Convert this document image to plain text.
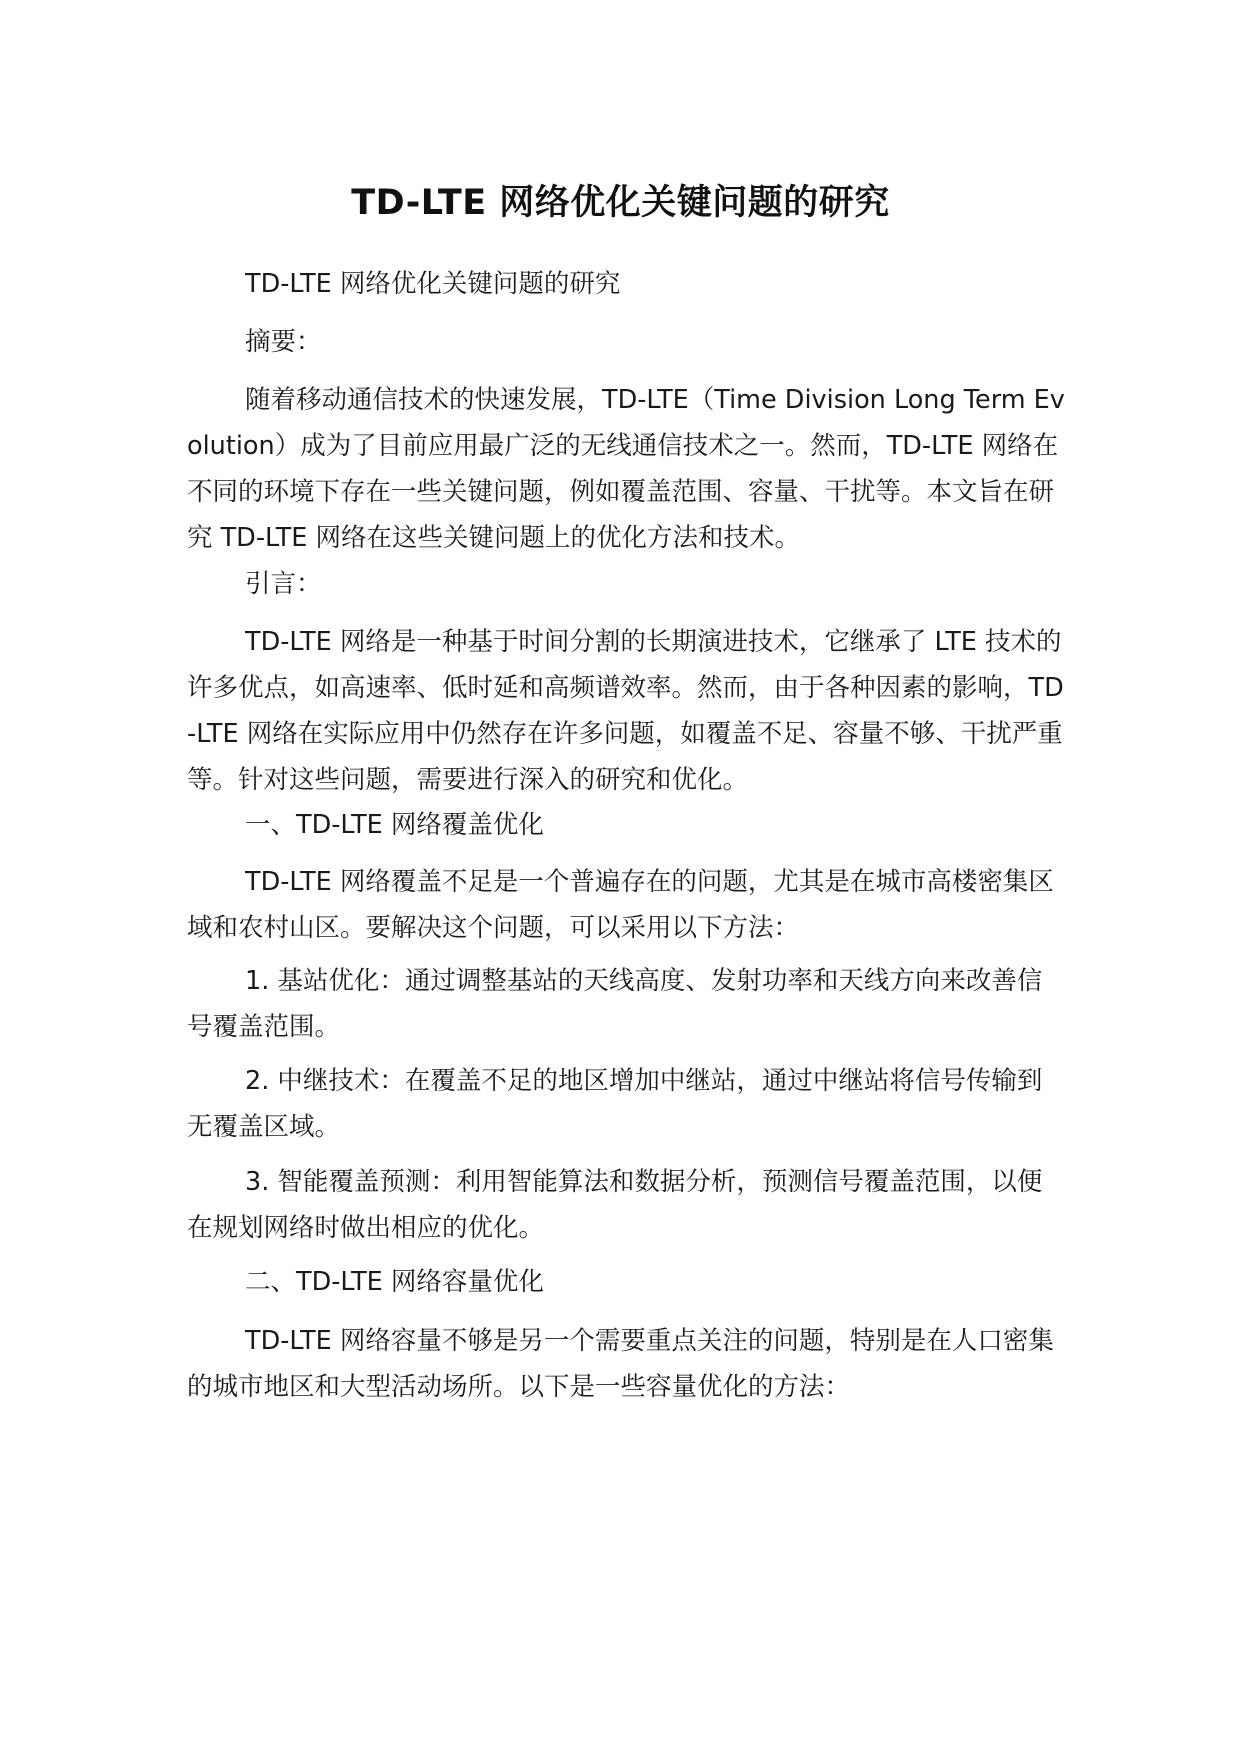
TD-LTE 网络优化关键问题的研究

TD-LTE 网络优化关键问题的研究

摘要：

随着移动通信技术的快速发展，TD-LTE（Time Division Long Term Evolution）成为了目前应用最广泛的无线通信技术之一。然而，TD-LTE 网络在不同的环境下存在一些关键问题，例如覆盖范围、容量、干扰等。本文旨在研究 TD-LTE 网络在这些关键问题上的优化方法和技术。

引言：

TD-LTE 网络是一种基于时间分割的长期演进技术，它继承了 LTE 技术的许多优点，如高速率、低时延和高频谱效率。然而，由于各种因素的影响，TD-LTE 网络在实际应用中仍然存在许多问题，如覆盖不足、容量不够、干扰严重等。针对这些问题，需要进行深入的研究和优化。

一、TD-LTE 网络覆盖优化

TD-LTE 网络覆盖不足是一个普遍存在的问题，尤其是在城市高楼密集区域和农村山区。要解决这个问题，可以采用以下方法：

1. 基站优化：通过调整基站的天线高度、发射功率和天线方向来改善信号覆盖范围。

2. 中继技术：在覆盖不足的地区增加中继站，通过中继站将信号传输到无覆盖区域。

3. 智能覆盖预测：利用智能算法和数据分析，预测信号覆盖范围，以便在规划网络时做出相应的优化。

二、TD-LTE 网络容量优化

TD-LTE 网络容量不够是另一个需要重点关注的问题，特别是在人口密集的城市地区和大型活动场所。以下是一些容量优化的方法：
